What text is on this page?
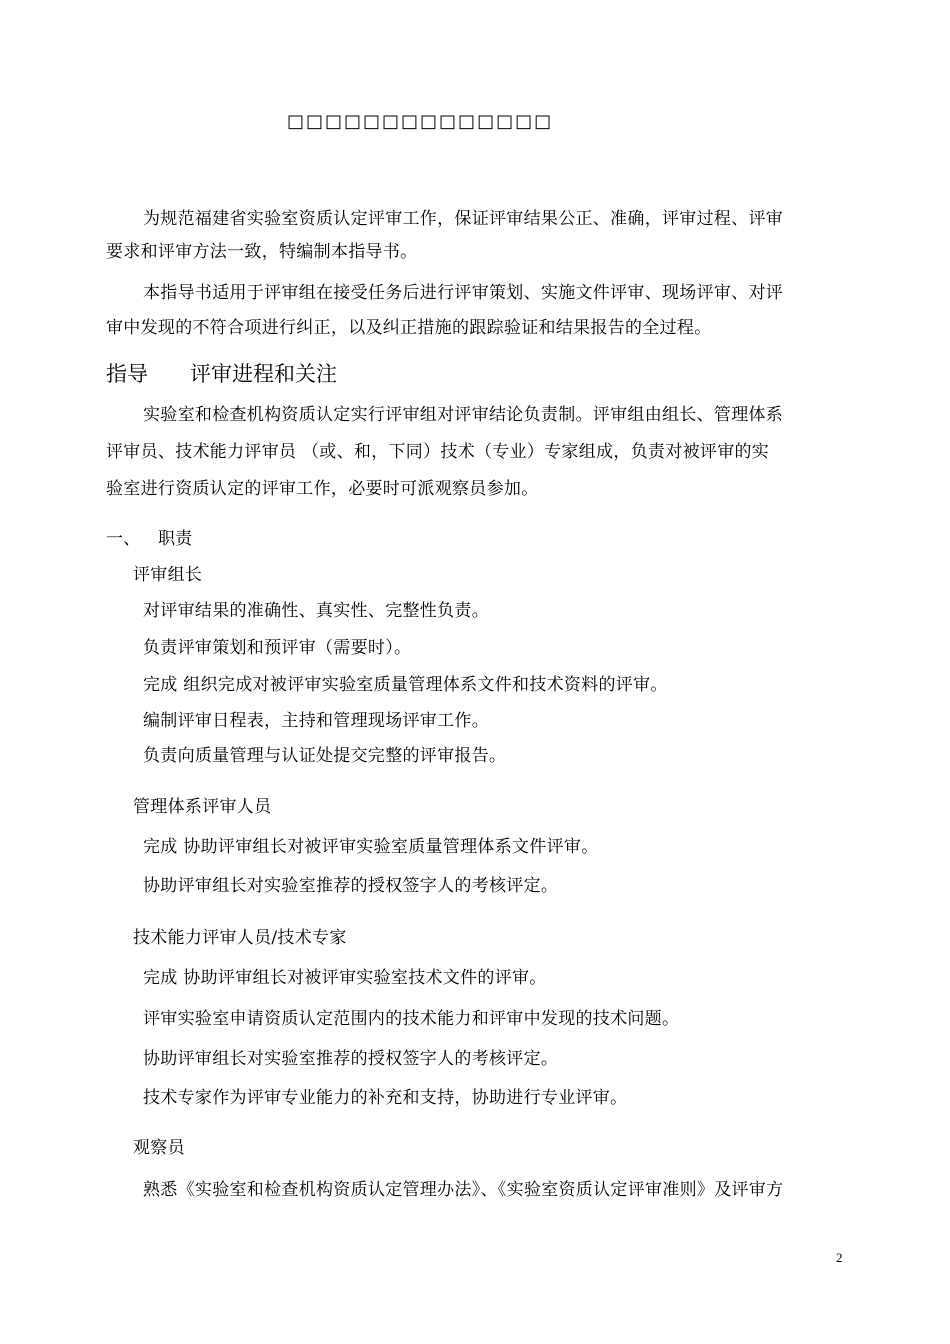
□□□□□□□□□□□□□□
为规范福建省实验室资质认定评审工作，保证评审结果公正、准确，评审过程、评审
要求和评审方法一致，特编制本指导书。
本指导书适用于评审组在接受任务后进行评审策划、实施文件评审、现场评审、对评
审中发现的不符合项进行纠正，以及纠正措施的跟踪验证和结果报告的全过程。
指导 评审进程和关注
实验室和检查机构资质认定实行评审组对评审结论负责制。评审组由组长、管理体系
评审员、技术能力评审员 （或、和，下同）技术（专业）专家组成，负责对被评审的实
验室进行资质认定的评审工作，必要时可派观察员参加。
一、 职责
评审组长
对评审结果的准确性、真实性、完整性负责。
负责评审策划和预评审（需要时）。
完成 组织完成对被评审实验室质量管理体系文件和技术资料的评审。
编制评审日程表，主持和管理现场评审工作。
负责向质量管理与认证处提交完整的评审报告。
管理体系评审人员
完成 协助评审组长对被评审实验室质量管理体系文件评审。
协助评审组长对实验室推荐的授权签字人的考核评定。
技术能力评审人员/技术专家
完成 协助评审组长对被评审实验室技术文件的评审。
评审实验室申请资质认定范围内的技术能力和评审中发现的技术问题。
协助评审组长对实验室推荐的授权签字人的考核评定。
技术专家作为评审专业能力的补充和支持，协助进行专业评审。
观察员
熟悉《实验室和检查机构资质认定管理办法》、《实验室资质认定评审准则》及评审方
2
